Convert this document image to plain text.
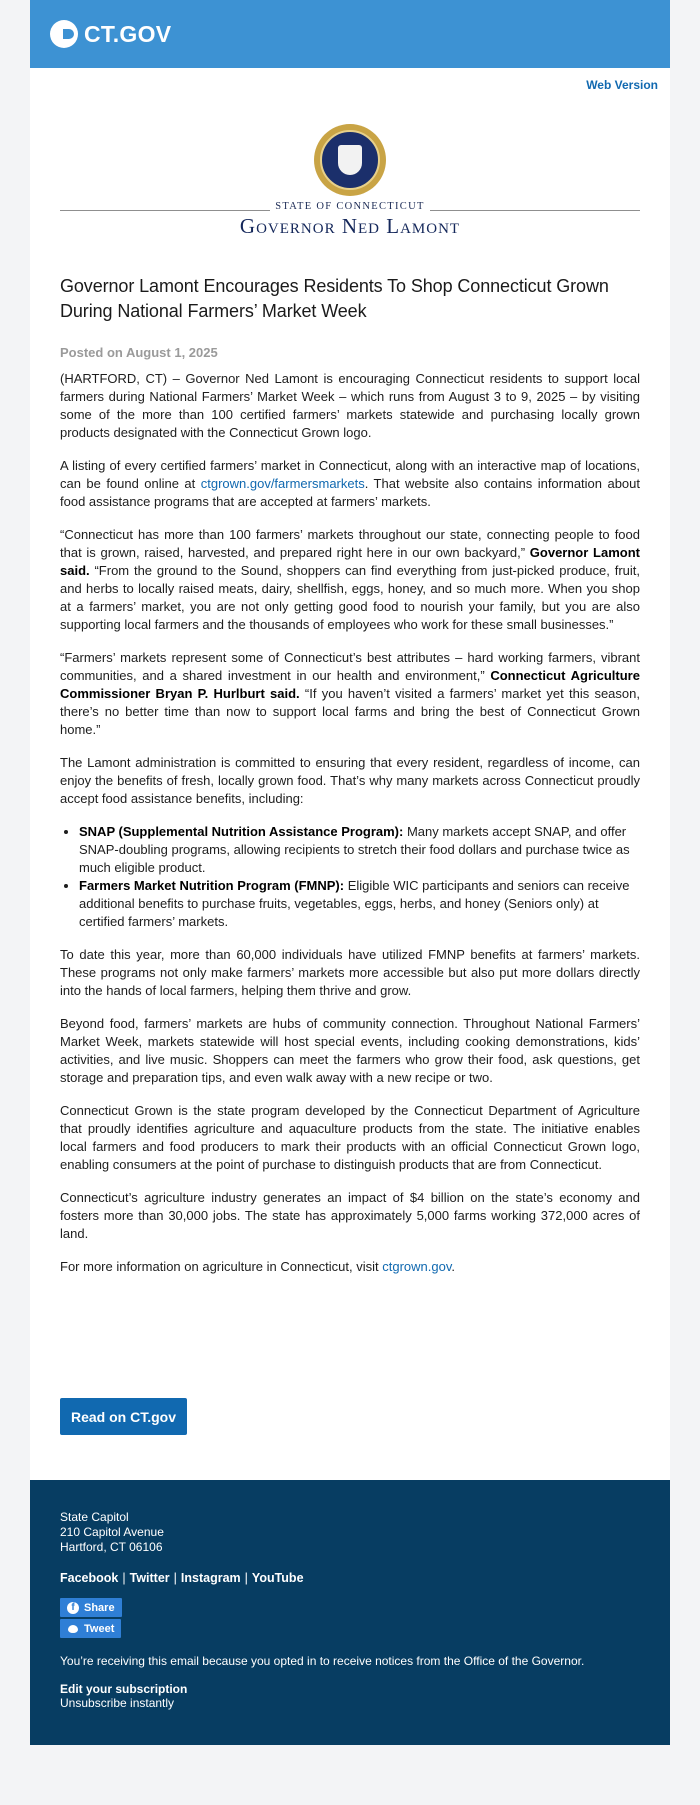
CT.GOV
Web Version
STATE OF CONNECTICUT
Governor Ned Lamont
Governor Lamont Encourages Residents To Shop Connecticut Grown During National Farmers’ Market Week
Posted on August 1, 2025

(HARTFORD, CT) – Governor Ned Lamont is encouraging Connecticut residents to support local farmers during National Farmers’ Market Week – which runs from August 3 to 9, 2025 – by visiting some of the more than 100 certified farmers’ markets statewide and purchasing locally grown products designated with the Connecticut Grown logo.

A listing of every certified farmers’ market in Connecticut, along with an interactive map of locations, can be found online at ctgrown.gov/farmersmarkets. That website also contains information about food assistance programs that are accepted at farmers’ markets.

“Connecticut has more than 100 farmers’ markets throughout our state, connecting people to food that is grown, raised, harvested, and prepared right here in our own backyard,” Governor Lamont said. “From the ground to the Sound, shoppers can find everything from just-picked produce, fruit, and herbs to locally raised meats, dairy, shellfish, eggs, honey, and so much more. When you shop at a farmers’ market, you are not only getting good food to nourish your family, but you are also supporting local farmers and the thousands of employees who work for these small businesses.”

“Farmers’ markets represent some of Connecticut’s best attributes – hard working farmers, vibrant communities, and a shared investment in our health and environment,” Connecticut Agriculture Commissioner Bryan P. Hurlburt said. “If you haven’t visited a farmers’ market yet this season, there’s no better time than now to support local farms and bring the best of Connecticut Grown home.”

The Lamont administration is committed to ensuring that every resident, regardless of income, can enjoy the benefits of fresh, locally grown food. That’s why many markets across Connecticut proudly accept food assistance benefits, including:

• SNAP (Supplemental Nutrition Assistance Program): Many markets accept SNAP, and offer SNAP-doubling programs, allowing recipients to stretch their food dollars and purchase twice as much eligible product.
• Farmers Market Nutrition Program (FMNP): Eligible WIC participants and seniors can receive additional benefits to purchase fruits, vegetables, eggs, herbs, and honey (Seniors only) at certified farmers’ markets.

To date this year, more than 60,000 individuals have utilized FMNP benefits at farmers’ markets. These programs not only make farmers’ markets more accessible but also put more dollars directly into the hands of local farmers, helping them thrive and grow.

Beyond food, farmers’ markets are hubs of community connection. Throughout National Farmers’ Market Week, markets statewide will host special events, including cooking demonstrations, kids’ activities, and live music. Shoppers can meet the farmers who grow their food, ask questions, get storage and preparation tips, and even walk away with a new recipe or two.

Connecticut Grown is the state program developed by the Connecticut Department of Agriculture that proudly identifies agriculture and aquaculture products from the state. The initiative enables local farmers and food producers to mark their products with an official Connecticut Grown logo, enabling consumers at the point of purchase to distinguish products that are from Connecticut.

Connecticut’s agriculture industry generates an impact of $4 billion on the state’s economy and fosters more than 30,000 jobs. The state has approximately 5,000 farms working 372,000 acres of land.

For more information on agriculture in Connecticut, visit ctgrown.gov.

Read on CT.gov
State Capitol
210 Capitol Avenue
Hartford, CT 06106
Facebook | Twitter | Instagram | YouTube
f Share
Tweet
You’re receiving this email because you opted in to receive notices from the Office of the Governor.
Edit your subscription
Unsubscribe instantly
